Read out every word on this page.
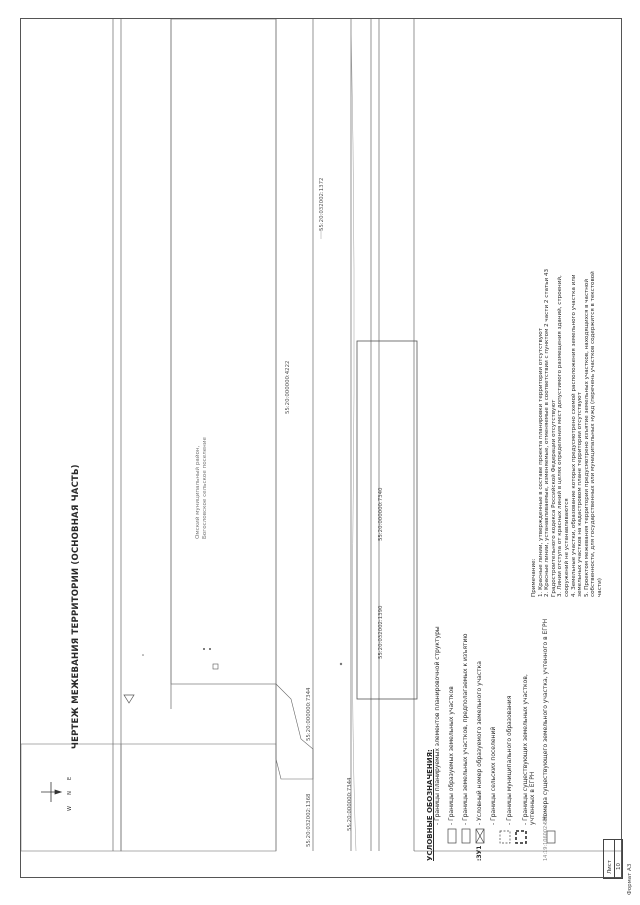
ЧЕРТЕЖ МЕЖЕВАНИЯ ТЕРРИТОРИИ (ОСНОВНАЯ ЧАСТЬ)
W       N       E
Омский муниципальный район, Богословское сельское поселение
55:20:000000:4222
55:20:032002:1372
55:20:000000:7340
55:20:032002:1390
55:20:000000:7344
55:20:000000:7344
55:20:032002:1368	УСЛОВНЫЕ ОБОЗНАЧЕНИЯ: - Границы планируемых элементов планировочной структуры - Границы образуемых земельных участков - Границы земельных участков, предполагаемых к изъятию
:ЗУ1- Условный номер образуемого земельного участка - Границы сельских поселений - Границы муниципального образования - Границы существующих земельных участков, учтенных в ЕГРН
14:19:106002:586- Номера существующего земельного участка, учтенного в ЕГРН
Примечание: 1. Красные линии, утвержденные в составе проекта планировки территории отсутствуют 2. Красные линии, устанавливаемые, изменяемые, отменяемые в соответствии с пунктом 2 части 2 статьи 43 Градостроительного кодекса Российской Федерации отсутствуют 3. Линии отступа от красных линий в целях определения мест допустимого размещения зданий, строений, сооружений не устанавливаются 4. Земельные участки, образование которых предусмотрено схемой расположения земельного участка или земельных участков на кадастровом плане территории отсутствуют 5. Проектом межевания территории предусмотрено изъятие земельных участков, находящихся в частной собственности, для государственных или муниципальных нужд (перечень участков содержится в текстовой части)
Лист 10 Формат А3
